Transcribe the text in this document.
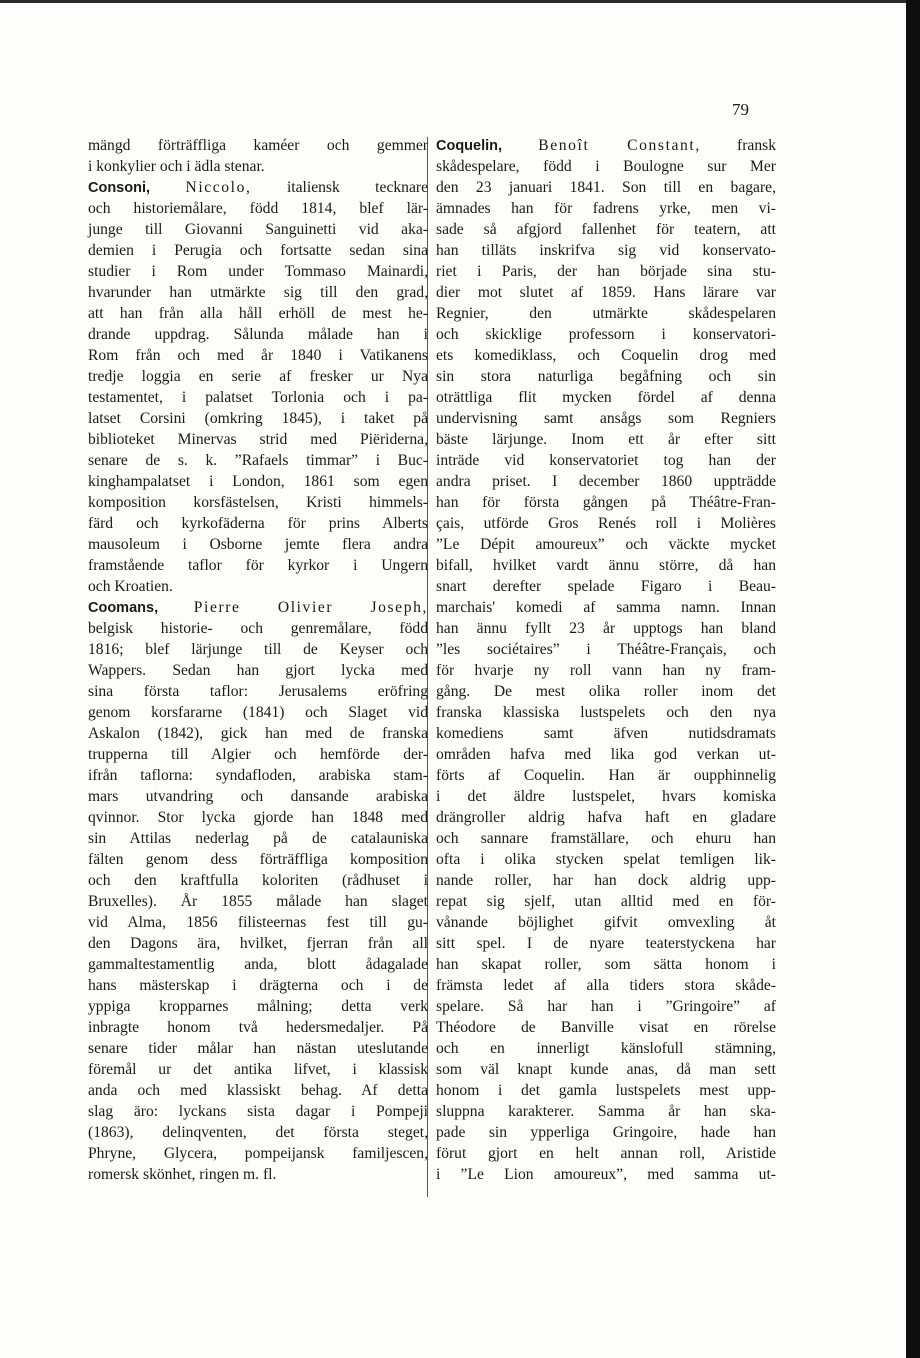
79
mängd förträffliga kaméer och gemmer
i konkylier och i ädla stenar.
Consoni, Niccolo, italiensk tecknare
och historiemålare, född 1814, blef lär-
junge till Giovanni Sanguinetti vid aka-
demien i Perugia och fortsatte sedan sina
studier i Rom under Tommaso Mainardi,
hvarunder han utmärkte sig till den grad,
att han från alla håll erhöll de mest he-
drande uppdrag. Sålunda målade han i
Rom från och med år 1840 i Vatikanens
tredje loggia en serie af fresker ur Nya
testamentet, i palatset Torlonia och i pa-
latset Corsini (omkring 1845), i taket på
biblioteket Minervas strid med Piëriderna,
senare de s. k. ”Rafaels timmar” i Buc-
kinghampalatset i London, 1861 som egen
komposition korsfästelsen, Kristi himmels-
färd och kyrkofäderna för prins Alberts
mausoleum i Osborne jemte flera andra
framstående taflor för kyrkor i Ungern
och Kroatien.
Coomans, Pierre Olivier Joseph,
belgisk historie- och genremålare, född
1816; blef lärjunge till de Keyser och
Wappers. Sedan han gjort lycka med
sina första taflor: Jerusalems eröfring
genom korsfararne (1841) och Slaget vid
Askalon (1842), gick han med de franska
trupperna till Algier och hemförde der-
ifrån taflorna: syndafloden, arabiska stam-
mars utvandring och dansande arabiska
qvinnor. Stor lycka gjorde han 1848 med
sin Attilas nederlag på de catalauniska
fälten genom dess förträffliga komposition
och den kraftfulla koloriten (rådhuset i
Bruxelles). År 1855 målade han slaget
vid Alma, 1856 filisteernas fest till gu-
den Dagons ära, hvilket, fjerran från all
gammaltestamentlig anda, blott ådagalade
hans mästerskap i drägterna och i de
yppiga kropparnes målning; detta verk
inbragte honom två hedersmedaljer. På
senare tider målar han nästan uteslutande
föremål ur det antika lifvet, i klassisk
anda och med klassiskt behag. Af detta
slag äro: lyckans sista dagar i Pompeji
(1863), delinqventen, det första steget,
Phryne, Glycera, pompeijansk familjescen,
romersk skönhet, ringen m. fl.
Coquelin, Benoît Constant, fransk
skådespelare, född i Boulogne sur Mer
den 23 januari 1841. Son till en bagare,
ämnades han för fadrens yrke, men vi-
sade så afgjord fallenhet för teatern, att
han tilläts inskrifva sig vid konservato-
riet i Paris, der han började sina stu-
dier mot slutet af 1859. Hans lärare var
Regnier, den utmärkte skådespelaren
och skicklige professorn i konservatori-
ets komediklass, och Coquelin drog med
sin stora naturliga begåfning och sin
oträttliga flit mycken fördel af denna
undervisning samt ansågs som Regniers
bäste lärjunge. Inom ett år efter sitt
inträde vid konservatoriet tog han der
andra priset. I december 1860 uppträdde
han för första gången på Théâtre-Fran-
çais, utförde Gros Renés roll i Molières
”Le Dépit amoureux” och väckte mycket
bifall, hvilket vardt ännu större, då han
snart derefter spelade Figaro i Beau-
marchais' komedi af samma namn. Innan
han ännu fyllt 23 år upptogs han bland
”les sociétaires” i Théâtre-Français, och
för hvarje ny roll vann han ny fram-
gång. De mest olika roller inom det
franska klassiska lustspelets och den nya
komediens samt äfven nutidsdramats
områden hafva med lika god verkan ut-
förts af Coquelin. Han är oupphinnelig
i det äldre lustspelet, hvars komiska
drängroller aldrig hafva haft en gladare
och sannare framställare, och ehuru han
ofta i olika stycken spelat temligen lik-
nande roller, har han dock aldrig upp-
repat sig sjelf, utan alltid med en för-
vånande böjlighet gifvit omvexling åt
sitt spel. I de nyare teaterstyckena har
han skapat roller, som sätta honom i
främsta ledet af alla tiders stora skåde-
spelare. Så har han i ”Gringoire” af
Théodore de Banville visat en rörelse
och en innerligt känslofull stämning,
som väl knapt kunde anas, då man sett
honom i det gamla lustspelets mest upp-
sluppna karakterer. Samma år han ska-
pade sin ypperliga Gringoire, hade han
förut gjort en helt annan roll, Aristide
i ”Le Lion amoureux”, med samma ut-
